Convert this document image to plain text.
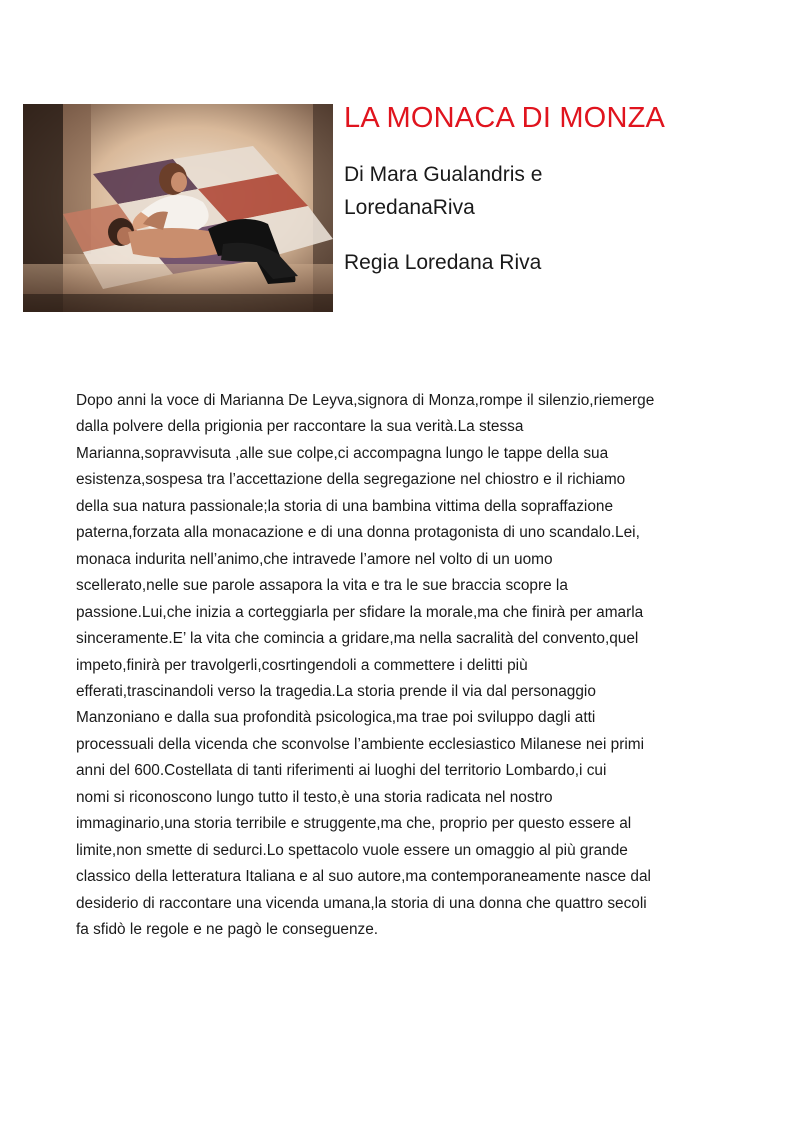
LA MONACA DI MONZA
Di Mara Gualandris e LoredanaRiva
Regia Loredana Riva
Dopo anni la voce di Marianna De Leyva,signora di Monza,rompe il silenzio,riemerge
dalla polvere della prigionia per raccontare la sua verità.La stessa
Marianna,sopravvisuta ,alle sue colpe,ci accompagna lungo le tappe della sua
esistenza,sospesa tra l’accettazione della segregazione nel chiostro e il richiamo
della sua natura passionale;la storia di una bambina vittima della sopraffazione
paterna,forzata alla monacazione e di una donna protagonista di uno scandalo.Lei,
monaca indurita nell’animo,che intravede l’amore nel volto di un uomo
scellerato,nelle sue parole assapora la vita e tra le sue braccia scopre la
passione.Lui,che inizia a corteggiarla per sfidare la morale,ma che finirà per amarla
sinceramente.E’ la vita che comincia a gridare,ma nella sacralità del convento,quel
impeto,finirà per travolgerli,cosrtingendoli a commettere i delitti più
efferati,trascinandoli verso la tragedia.La storia prende il via dal personaggio
Manzoniano e dalla sua profondità psicologica,ma trae poi sviluppo dagli atti
processuali della vicenda che sconvolse l’ambiente ecclesiastico Milanese nei primi
anni del 600.Costellata di tanti riferimenti ai luoghi del territorio Lombardo,i cui
nomi si riconoscono lungo tutto il testo,è una storia radicata nel nostro
immaginario,una storia terribile e struggente,ma che, proprio per questo essere al
limite,non smette di sedurci.Lo spettacolo vuole essere un omaggio al più grande
classico della letteratura Italiana e al suo autore,ma contemporaneamente nasce dal
desiderio di raccontare una vicenda umana,la storia di una donna che quattro secoli
fa sfidò le regole e ne pagò le conseguenze.
